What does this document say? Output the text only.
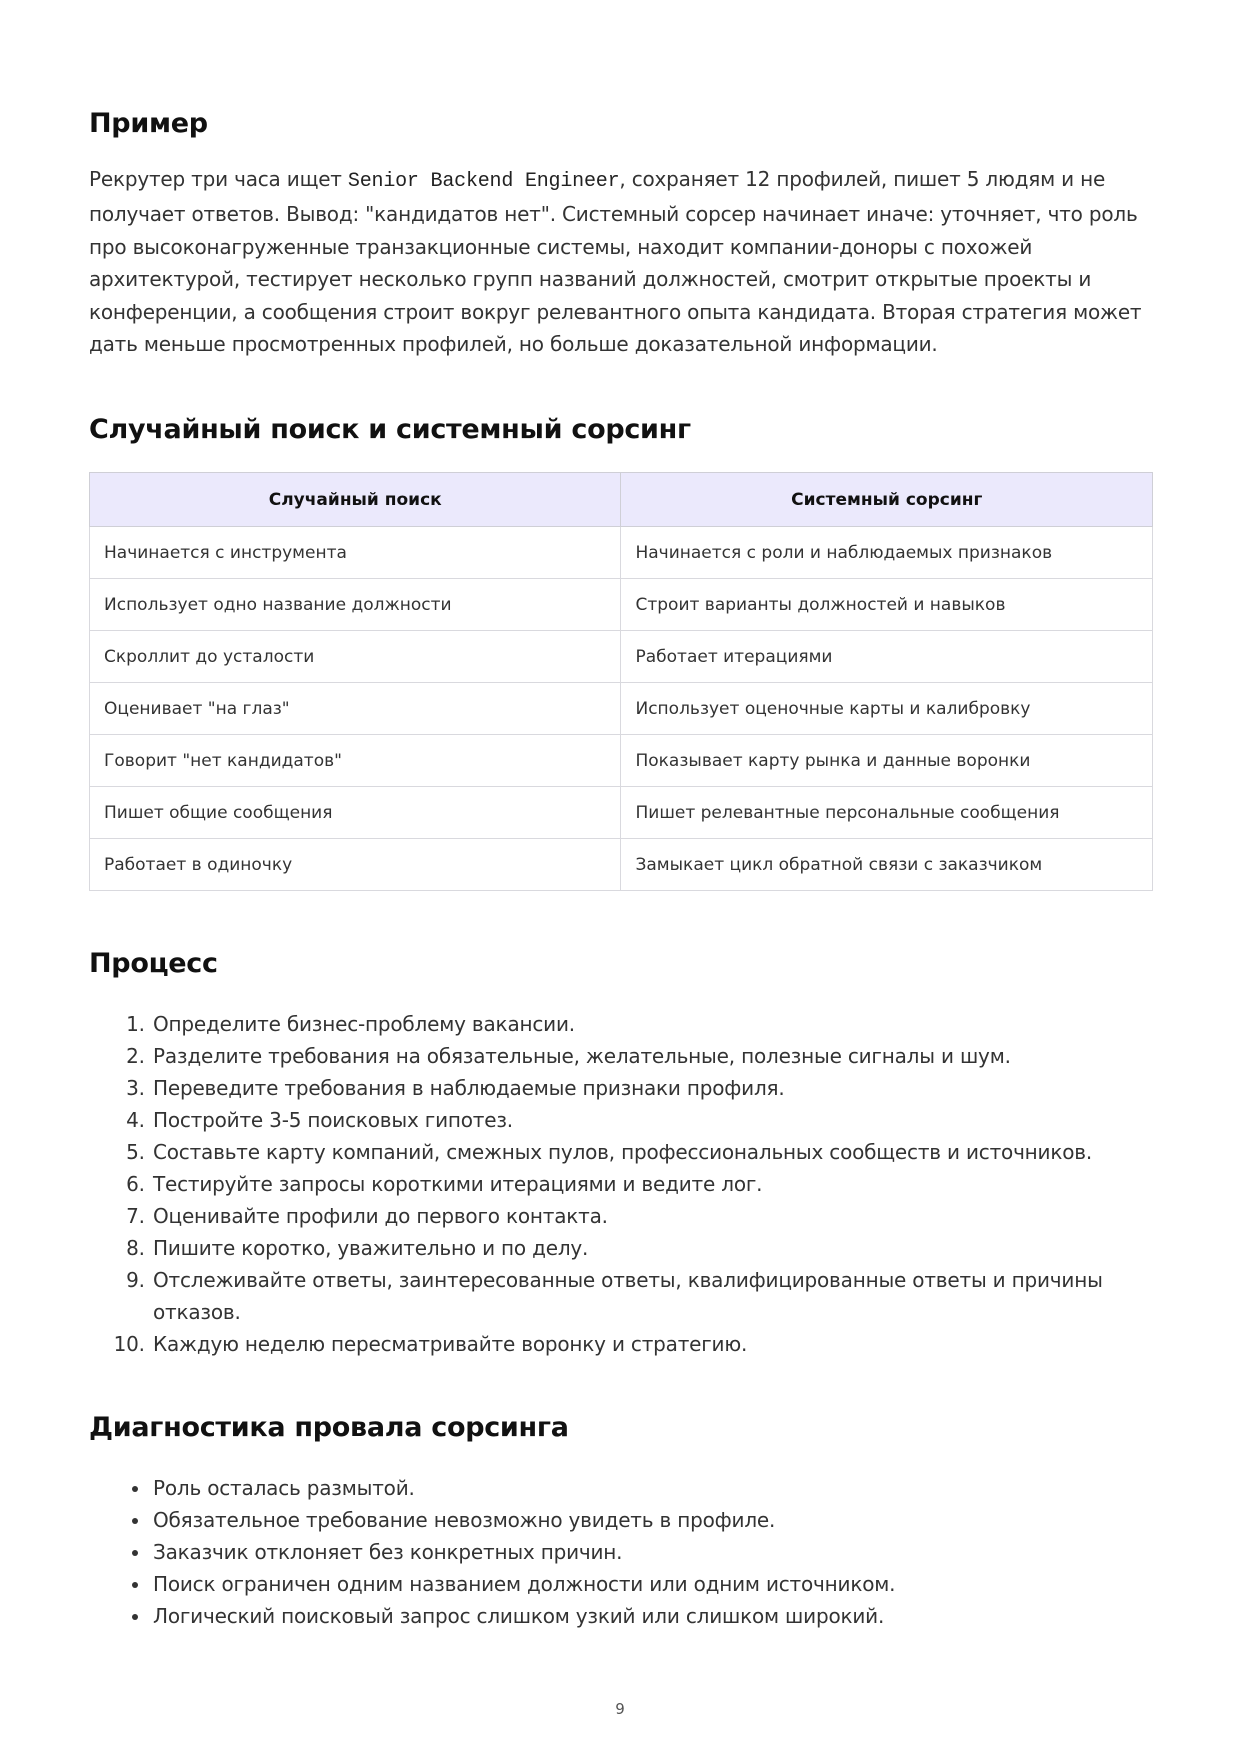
Пример

Рекрутер три часа ищет Senior Backend Engineer, сохраняет 12 профилей, пишет 5 людям и не получает ответов. Вывод: "кандидатов нет". Системный сорсер начинает иначе: уточняет, что роль про высоконагруженные транзакционные системы, находит компании-доноры с похожей архитектурой, тестирует несколько групп названий должностей, смотрит открытые проекты и конференции, а сообщения строит вокруг релевантного опыта кандидата. Вторая стратегия может дать меньше просмотренных профилей, но больше доказательной информации.

Случайный поиск и системный сорсинг
Случайный поиск	Системный сорсинг
Начинается с инструмента	Начинается с роли и наблюдаемых признаков
Использует одно название должности	Строит варианты должностей и навыков
Скроллит до усталости	Работает итерациями
Оценивает "на глаз"	Использует оценочные карты и калибровку
Говорит "нет кандидатов"	Показывает карту рынка и данные воронки
Пишет общие сообщения	Пишет релевантные персональные сообщения
Работает в одиночку	Замыкает цикл обратной связи с заказчиком
Процесс
1. Определите бизнес-проблему вакансии.
2. Разделите требования на обязательные, желательные, полезные сигналы и шум.
3. Переведите требования в наблюдаемые признаки профиля.
4. Постройте 3-5 поисковых гипотез.
5. Составьте карту компаний, смежных пулов, профессиональных сообществ и источников.
6. Тестируйте запросы короткими итерациями и ведите лог.
7. Оценивайте профили до первого контакта.
8. Пишите коротко, уважительно и по делу.
9. Отслеживайте ответы, заинтересованные ответы, квалифицированные ответы и причины отказов.
10. Каждую неделю пересматривайте воронку и стратегию.
Диагностика провала сорсинга
• Роль осталась размытой.
• Обязательное требование невозможно увидеть в профиле.
• Заказчик отклоняет без конкретных причин.
• Поиск ограничен одним названием должности или одним источником.
• Логический поисковый запрос слишком узкий или слишком широкий.
9
